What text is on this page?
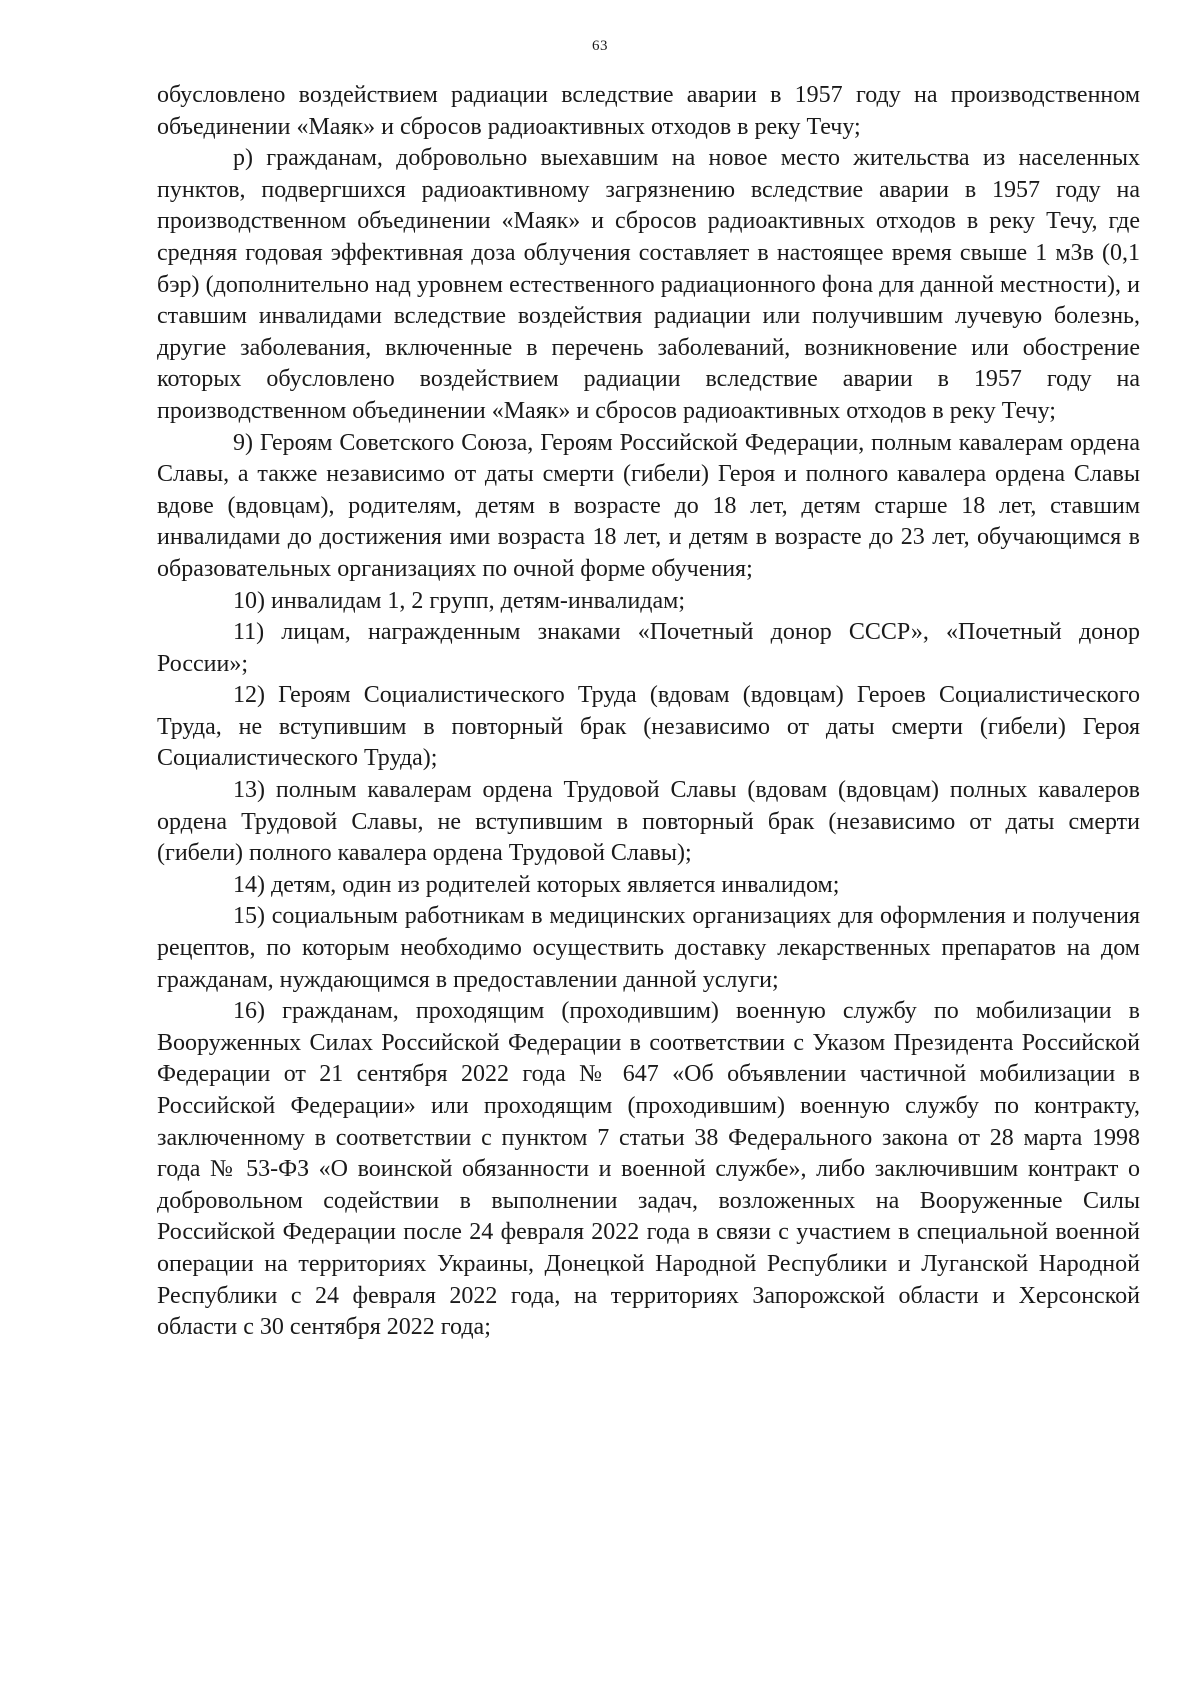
63

обусловлено воздействием радиации вследствие аварии в 1957 году на производственном объединении «Маяк» и сбросов радиоактивных отходов в реку Течу;

р) гражданам, добровольно выехавшим на новое место жительства из населенных пунктов, подвергшихся радиоактивному загрязнению вследствие аварии в 1957 году на производственном объединении «Маяк» и сбросов радиоактивных отходов в реку Течу, где средняя годовая эффективная доза облучения составляет в настоящее время свыше 1 мЗв (0,1 бэр) (дополнительно над уровнем естественного радиационного фона для данной местности), и ставшим инвалидами вследствие воздействия радиации или получившим лучевую болезнь, другие заболевания, включенные в перечень заболеваний, возникновение или обострение которых обусловлено воздействием радиации вследствие аварии в 1957 году на производственном объединении «Маяк» и сбросов радиоактивных отходов в реку Течу;

9) Героям Советского Союза, Героям Российской Федерации, полным кавалерам ордена Славы, а также независимо от даты смерти (гибели) Героя и полного кавалера ордена Славы вдове (вдовцам), родителям, детям в возрасте до 18 лет, детям старше 18 лет, ставшим инвалидами до достижения ими возраста 18 лет, и детям в возрасте до 23 лет, обучающимся в образовательных организациях по очной форме обучения;

10) инвалидам 1, 2 групп, детям-инвалидам;

11) лицам, награжденным знаками «Почетный донор СССР», «Почетный донор России»;

12) Героям Социалистического Труда (вдовам (вдовцам) Героев Социалистического Труда, не вступившим в повторный брак (независимо от даты смерти (гибели) Героя Социалистического Труда);

13) полным кавалерам ордена Трудовой Славы (вдовам (вдовцам) полных кавалеров ордена Трудовой Славы, не вступившим в повторный брак (независимо от даты смерти (гибели) полного кавалера ордена Трудовой Славы);

14) детям, один из родителей которых является инвалидом;

15) социальным работникам в медицинских организациях для оформления и получения рецептов, по которым необходимо осуществить доставку лекарственных препаратов на дом гражданам, нуждающимся в предоставлении данной услуги;

16) гражданам, проходящим (проходившим) военную службу по мобилизации в Вооруженных Силах Российской Федерации в соответствии с Указом Президента Российской Федерации от 21 сентября 2022 года № 647 «Об объявлении частичной мобилизации в Российской Федерации» или проходящим (проходившим) военную службу по контракту, заключенному в соответствии с пунктом 7 статьи 38 Федерального закона от 28 марта 1998 года № 53-ФЗ «О воинской обязанности и военной службе», либо заключившим контракт о добровольном содействии в выполнении задач, возложенных на Вооруженные Силы Российской Федерации после 24 февраля 2022 года в связи с участием в специальной военной операции на территориях Украины, Донецкой Народной Республики и Луганской Народной Республики с 24 февраля 2022 года, на территориях Запорожской области и Херсонской области с 30 сентября 2022 года;
